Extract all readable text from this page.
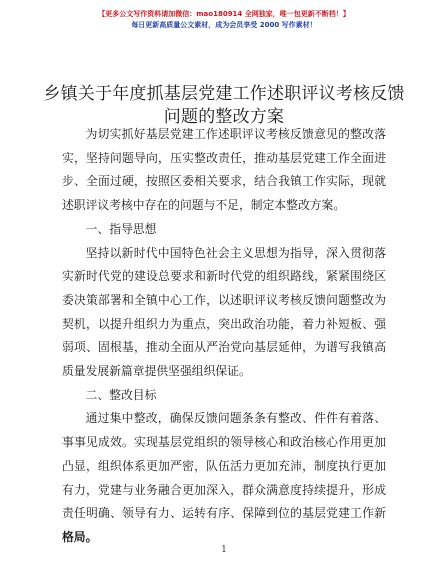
【更多公文写作资料请加微信：mao180914 全网独家，唯一包更新不断档！】
每日更新高质量公文素材，成为会员享受 2000 写作素材！
乡镇关于年度抓基层党建工作述职评议考核反馈问题的整改方案

为切实抓好基层党建工作述职评议考核反馈意见的整改落实，坚持问题导向，压实整改责任，推动基层党建工作全面进步、全面过硬，按照区委相关要求，结合我镇工作实际，现就述职评议考核中存在的问题与不足，制定本整改方案。

一、指导思想

坚持以新时代中国特色社会主义思想为指导，深入贯彻落实新时代党的建设总要求和新时代党的组织路线，紧紧围绕区委决策部署和全镇中心工作，以述职评议考核反馈问题整改为契机，以提升组织力为重点，突出政治功能，着力补短板、强弱项、固根基，推动全面从严治党向基层延伸，为谱写我镇高质量发展新篇章提供坚强组织保证。

二、整改目标

通过集中整改，确保反馈问题条条有整改、件件有着落、事事见成效。实现基层党组织的领导核心和政治核心作用更加凸显，组织体系更加严密，队伍活力更加充沛，制度执行更加有力，党建与业务融合更加深入，群众满意度持续提升，形成责任明确、领导有力、运转有序、保障到位的基层党建工作新格局。

1
